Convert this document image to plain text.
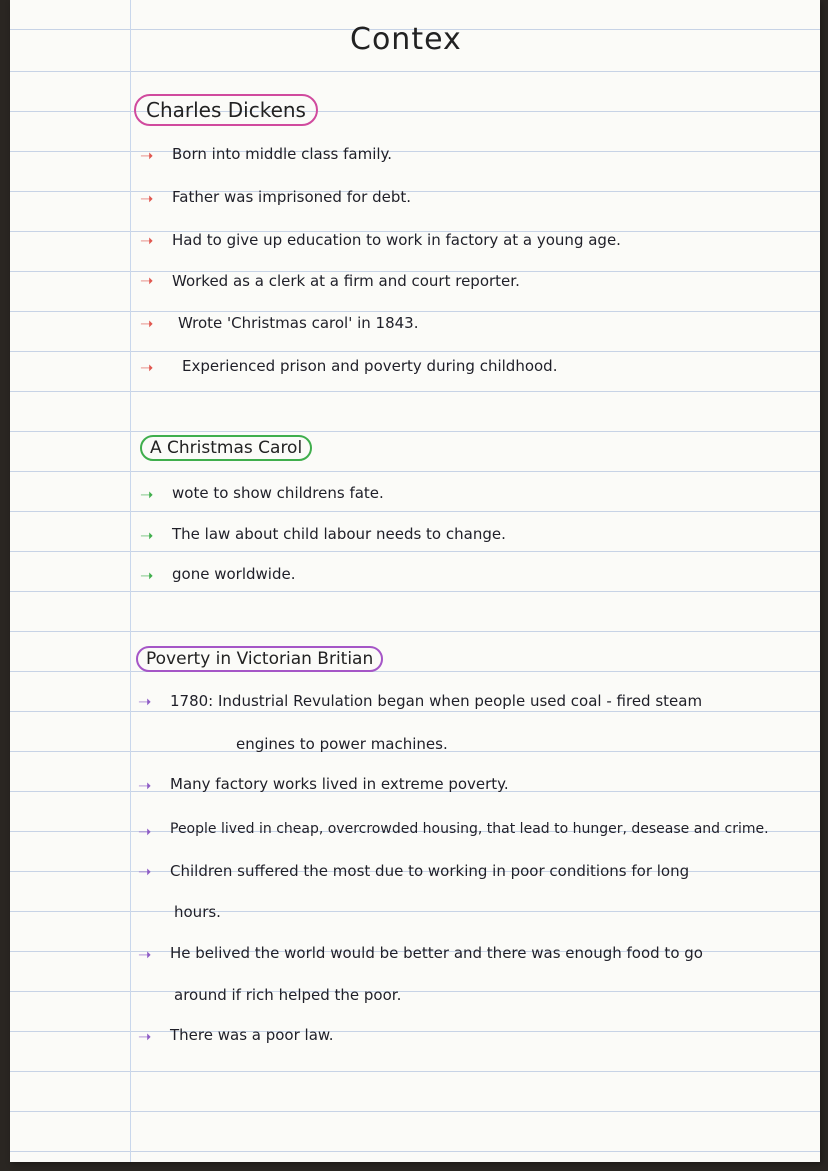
Contex
Charles Dickens
➝ Born into middle class family.
➝ Father was imprisoned for debt.
➝ Had to give up education to work in factory at a young age.
➝ Worked as a clerk at a firm and court reporter.
➝ Wrote 'Christmas carol' in 1843.
➝ Experienced prison and poverty during childhood.
A Christmas Carol
➝ wote to show childrens fate.
➝ The law about child labour needs to change.
➝ gone worldwide.
Poverty in Victorian Britian
➝ 1780: Industrial Revulation began when people used coal - fired steam
engines to power machines.
➝ Many factory works lived in extreme poverty.
➝ People lived in cheap, overcrowded housing, that lead to hunger, desease and crime.
➝ Children suffered the most due to working in poor conditions for long
hours.
➝ He belived the world would be better and there was enough food to go
around if rich helped the poor.
➝ There was a poor law.
